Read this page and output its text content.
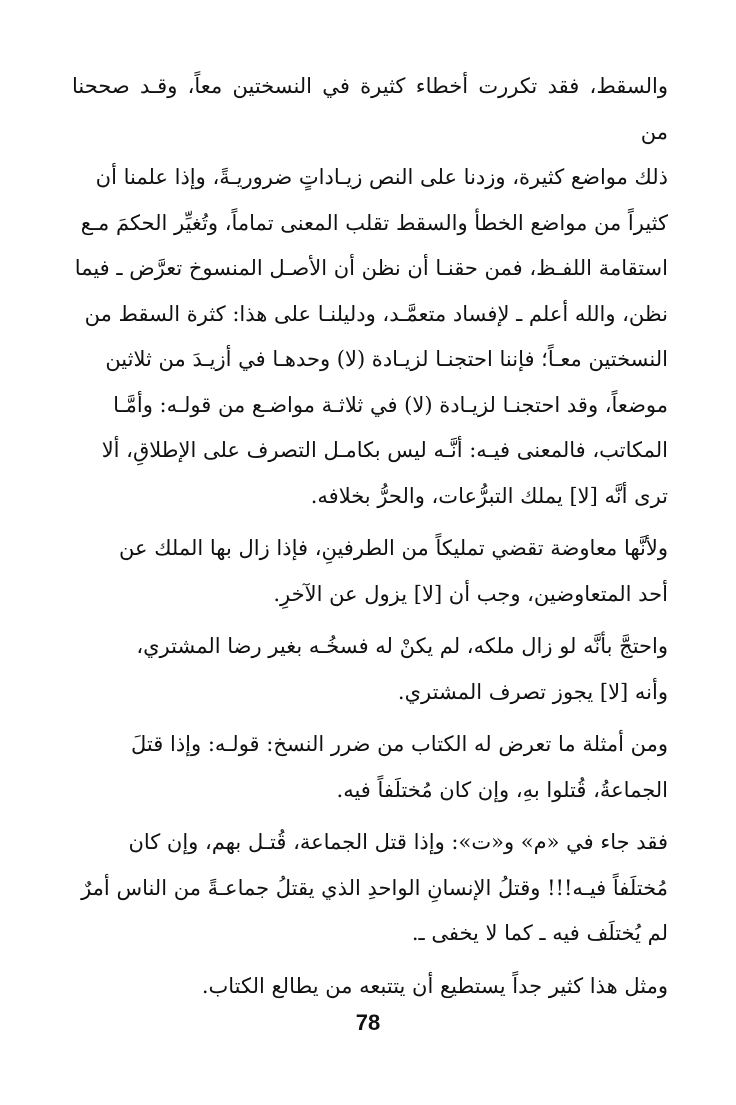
والسقط، فقد تكررت أخطاء كثيرة في النسختين معاً، وقـد صححنا من
ذلك مواضع كثيرة، وزدنا على النص زيـاداتٍ ضروريـةً، وإذا علمنا أن
كثيراً من مواضع الخطأ والسقط تقلب المعنى تماماً، وتُغيِّر الحكمَ مـع
استقامة اللفـظ، فمن حقنـا أن نظن أن الأصـل المنسوخ تعرَّض ـ فيما
نظن، والله أعلم ـ لإفساد متعمَّـد، ودليلنـا على هذا: كثرة السقط من
النسختين معـاً؛ فإننا احتجنـا لزيـادة (لا) وحدهـا في أزيـدَ من ثلاثين
موضعاً، وقد احتجنـا لزيـادة (لا) في ثلاثـة مواضـع من قولـه: وأمَّـا
المكاتب، فالمعنى فيـه: أنَّـه ليس بكامـل التصرف على الإطلاقِ، ألا
ترى أنَّه [لا] يملك التبرُّعات، والحرُّ بخلافه.

ولأنَّها معاوضة تقضي تمليكاً من الطرفينِ، فإذا زال بها الملك عن
أحد المتعاوضين، وجب أن [لا] يزول عن الآخرِ.

واحتجَّ بأنَّه لو زال ملكه، لم يكنْ له فسخُـه بغير رضا المشتري،
وأنه [لا] يجوز تصرف المشتري.

ومن أمثلة ما تعرض له الكتاب من ضرر النسخ: قولـه: وإذا قتلَ
الجماعةُ، قُتلوا بهِ، وإن كان مُختلَفاً فيه.

فقد جاء في «م» و«ت»: وإذا قتل الجماعة، قُتـل بهم، وإن كان
مُختلَفاً فيـه!!! وقتلُ الإنسانِ الواحدِ الذي يقتلُ جماعـةً من الناس أمرٌ
لم يُختلَف فيه ـ كما لا يخفى ـ.

ومثل هذا كثير جداً يستطيع أن يتتبعه من يطالع الكتاب.

78
